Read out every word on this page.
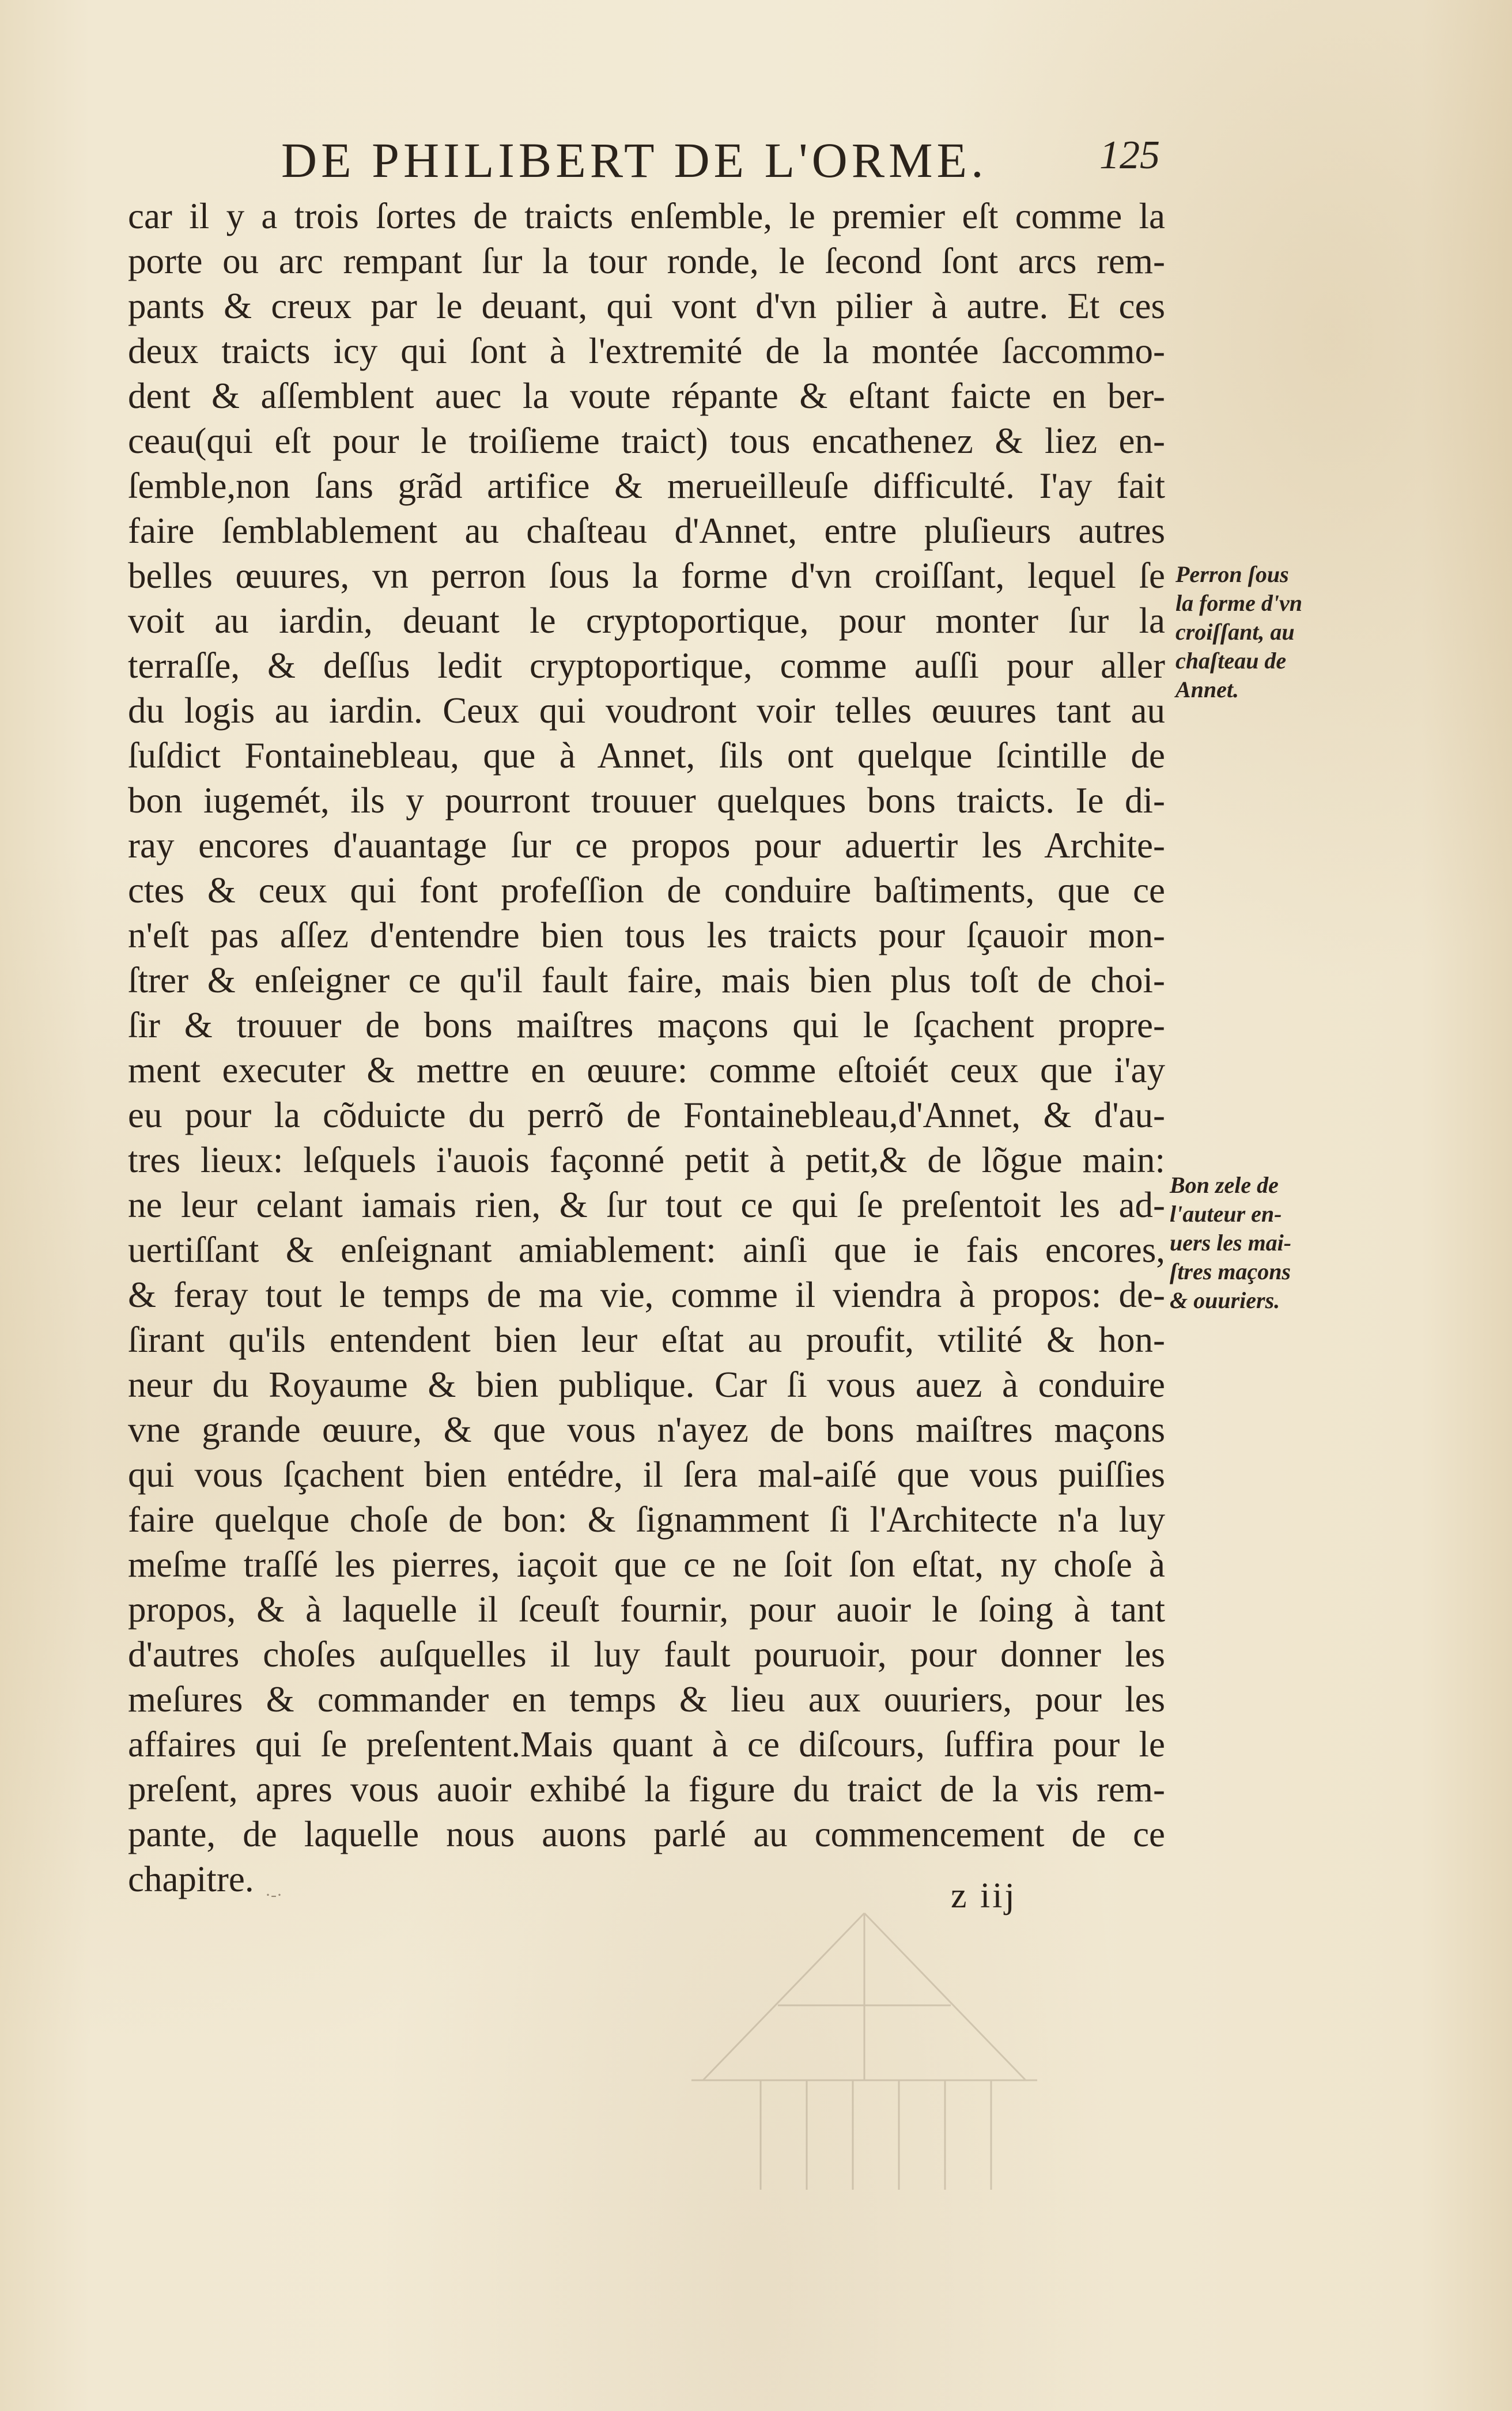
DE PHILIBERT DE L'ORME.	125
car il y a trois ſortes de traicts enſemble, le premier eſt comme la
porte ou arc rempant ſur la tour ronde, le ſecond ſont arcs rem-
pants & creux par le deuant, qui vont d'vn pilier à autre. Et ces
deux traicts icy qui ſont à l'extremité de la montée ſaccommo-
dent & aſſemblent auec la voute répante & eſtant faicte en ber-
ceau(qui eſt pour le troiſieme traict) tous encathenez & liez en-
ſemble,non ſans grãd artifice & merueilleuſe difficulté. I'ay fait
faire ſemblablement au chaſteau d'Annet, entre pluſieurs autres
belles œuures, vn perron ſous la forme d'vn croiſſant, lequel ſe
voit au iardin, deuant le cryptoportique, pour monter ſur la
terraſſe, & deſſus ledit cryptoportique, comme auſſi pour aller
du logis au iardin. Ceux qui voudront voir telles œuures tant au
ſuſdict Fontainebleau, que à Annet, ſils ont quelque ſcintille de
bon iugemét, ils y pourront trouuer quelques bons traicts. Ie di-
ray encores d'auantage ſur ce propos pour aduertir les Archite-
ctes & ceux qui font profeſſion de conduire baſtiments, que ce
n'eſt pas aſſez d'entendre bien tous les traicts pour ſçauoir mon-
ſtrer & enſeigner ce qu'il fault faire, mais bien plus toſt de choi-
ſir & trouuer de bons maiſtres maçons qui le ſçachent propre-
ment executer & mettre en œuure: comme eſtoiét ceux que i'ay
eu pour la cõduicte du perrõ de Fontainebleau,d'Annet, & d'au-
tres lieux: leſquels i'auois façonné petit à petit,& de lõgue main:
ne leur celant iamais rien, & ſur tout ce qui ſe preſentoit les ad-
uertiſſant & enſeignant amiablement: ainſi que ie fais encores,
& feray tout le temps de ma vie, comme il viendra à propos: de-
ſirant qu'ils entendent bien leur eſtat au proufit, vtilité & hon-
neur du Royaume & bien publique. Car ſi vous auez à conduire
vne grande œuure, & que vous n'ayez de bons maiſtres maçons
qui vous ſçachent bien entédre, il ſera mal-aiſé que vous puiſſies
faire quelque choſe de bon: & ſignamment ſi l'Architecte n'a luy
meſme traſſé les pierres, iaçoit que ce ne ſoit ſon eſtat, ny choſe à
propos, & à laquelle il ſceuſt fournir, pour auoir le ſoing à tant
d'autres choſes auſquelles il luy fault pouruoir, pour donner les
meſures & commander en temps & lieu aux ouuriers, pour les
affaires qui ſe preſentent.Mais quant à ce diſcours, ſuffira pour le
preſent, apres vous auoir exhibé la figure du traict de la vis rem-
pante, de laquelle nous auons parlé au commencement de ce
chapitre.
Perron ſous
la forme d'vn
croiſſant, au
chaſteau de
Annet.
Bon zele de
l'auteur en-
uers les mai-
ſtres maçons
& ouuriers.
·-·	z iij
